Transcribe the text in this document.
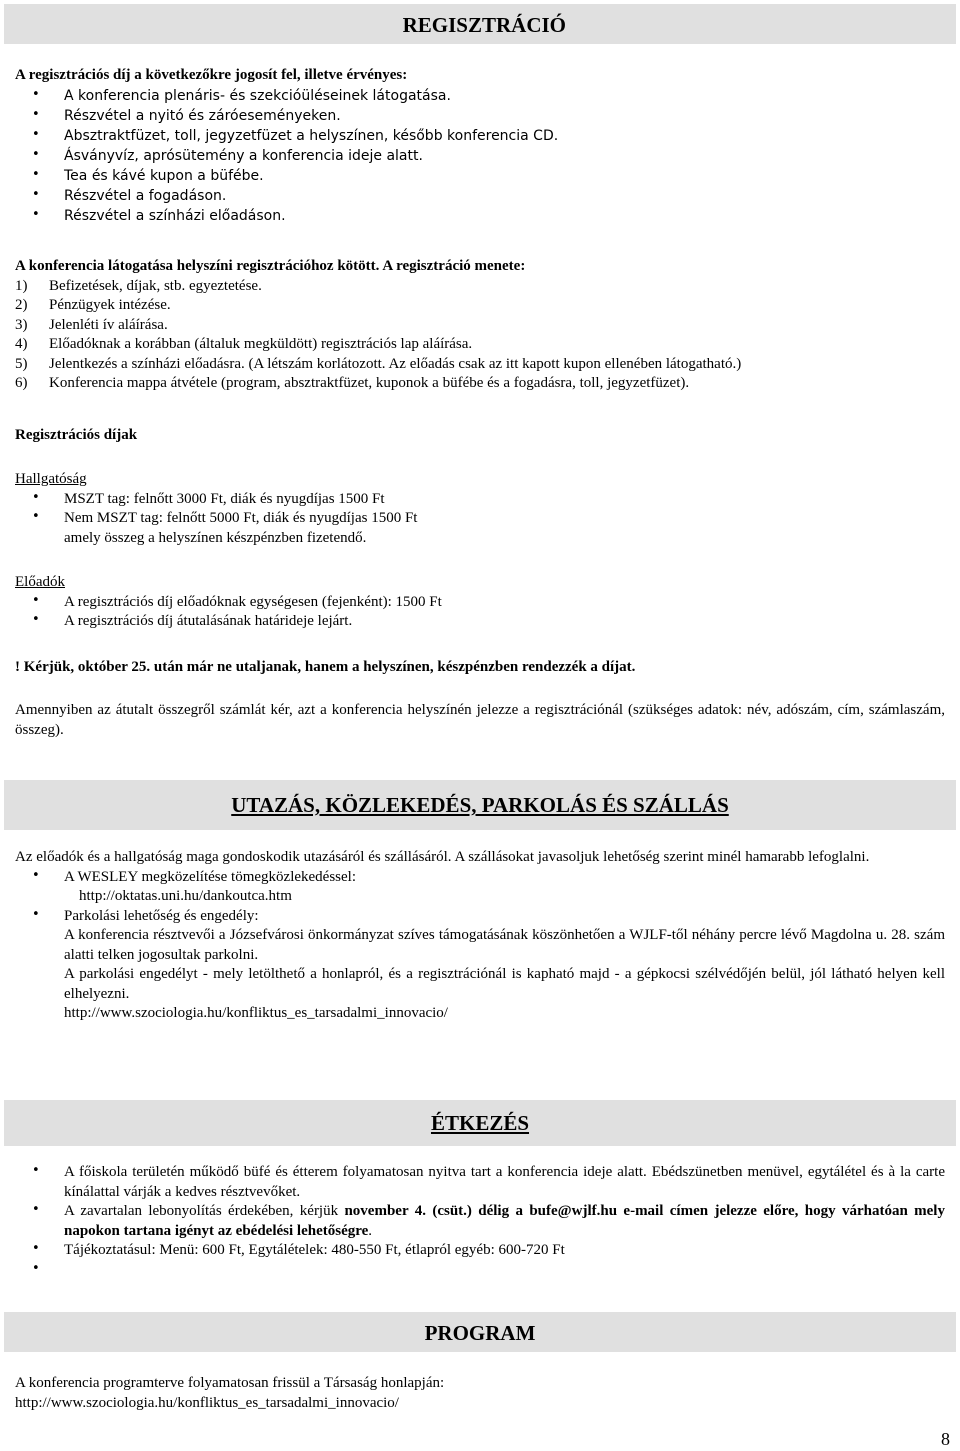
REGISZTRÁCIÓ

A regisztrációs díj a következőkre jogosít fel, illetve érvényes:

• A konferencia plenáris- és szekcióüléseinek látogatása.
• Részvétel a nyitó és záróeseményeken.
• Absztraktfüzet, toll, jegyzetfüzet a helyszínen, később konferencia CD.
• Ásványvíz, aprósütemény a konferencia ideje alatt.
• Tea és kávé kupon a büfébe.
• Részvétel a fogadáson.
• Részvétel a színházi előadáson.

A konferencia látogatása helyszíni regisztrációhoz kötött. A regisztráció menete:

1) Befizetések, díjak, stb. egyeztetése.
2) Pénzügyek intézése.
3) Jelenléti ív aláírása.
4) Előadóknak a korábban (általuk megküldött) regisztrációs lap aláírása.
5) Jelentkezés a színházi előadásra. (A létszám korlátozott. Az előadás csak az itt kapott kupon ellenében látogatható.)
6) Konferencia mappa átvétele (program, absztraktfüzet, kuponok a büfébe és a fogadásra, toll, jegyzetfüzet).

Regisztrációs díjak

Hallgatóság

• MSZT tag: felnőtt 3000 Ft, diák és nyugdíjas 1500 Ft
• Nem MSZT tag: felnőtt 5000 Ft, diák és nyugdíjas 1500 Ft

amely összeg a helyszínen készpénzben fizetendő.

Előadók

• A regisztrációs díj előadóknak egységesen (fejenként): 1500 Ft
• A regisztrációs díj átutalásának határideje lejárt.

! Kérjük, október 25. után már ne utaljanak, hanem a helyszínen, készpénzben rendezzék a díjat.

Amennyiben az átutalt összegről számlát kér, azt a konferencia helyszínén jelezze a regisztrációnál (szükséges adatok: név, adószám, cím, számlaszám, összeg).

UTAZÁS, KÖZLEKEDÉS, PARKOLÁS ÉS SZÁLLÁS

Az előadók és a hallgatóság maga gondoskodik utazásáról és szállásáról. A szállásokat javasoljuk lehetőség szerint minél hamarabb lefoglalni.

• A WESLEY megközelítése tömegközlekedéssel:
http://oktatas.uni.hu/dankoutca.htm
• Parkolási lehetőség és engedély:

A konferencia résztvevői a Józsefvárosi önkormányzat szíves támogatásának köszönhetően a WJLF-től néhány percre lévő Magdolna u. 28. szám alatti telken jogosultak parkolni.
A parkolási engedélyt - mely letölthető a honlapról, és a regisztrációnál is kapható majd - a gépkocsi szélvédőjén belül, jól látható helyen kell elhelyezni.
http://www.szociologia.hu/konfliktus_es_tarsadalmi_innovacio/
ÉTKEZÉS
• A főiskola területén működő büfé és étterem folyamatosan nyitva tart a konferencia ideje alatt. Ebédszünetben menüvel, egytálétel és à la carte kínálattal várják a kedves résztvevőket.
• A zavartalan lebonyolítás érdekében, kérjük november 4. (csüt.) délig a bufe@wjlf.hu e-mail címen jelezze előre, hogy várhatóan mely napokon tartana igényt az ebédelési lehetőségre.
• Tájékoztatásul: Menü: 600 Ft, Egytálételek: 480-550 Ft, étlapról egyéb: 600-720 Ft
•
PROGRAM

A konferencia programterve folyamatosan frissül a Társaság honlapján:

http://www.szociologia.hu/konfliktus_es_tarsadalmi_innovacio/

8
